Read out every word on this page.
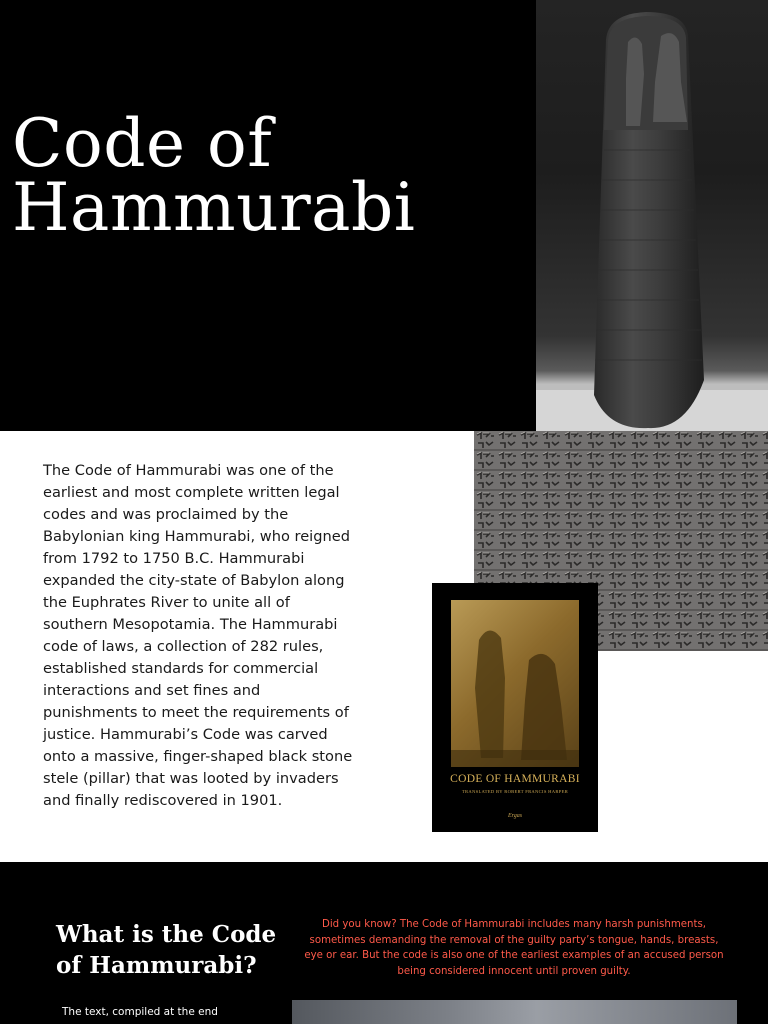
Code of
Hammurabi

The Code of Hammurabi was one of the earliest and most complete written legal codes and was proclaimed by the Babylonian king Hammurabi, who reigned from 1792 to 1750 B.C. Hammurabi expanded the city-state of Babylon along the Euphrates River to unite all of southern Mesopotamia. The Hammurabi code of laws, a collection of 282 rules, established standards for commercial interactions and set fines and punishments to meet the requirements of justice. Hammurabi’s Code was carved onto a massive, finger-shaped black stone stele (pillar) that was looted by invaders and finally rediscovered in 1901.

CODE OF HAMMURABI
TRANSLATED BY ROBERT FRANCIS HARPER
Ergas
What is the Code of Hammurabi?

Did you know? The Code of Hammurabi includes many harsh punishments, sometimes demanding the removal of the guilty party’s tongue, hands, breasts, eye or ear. But the code is also one of the earliest examples of an accused person being considered innocent until proven guilty.

The text, compiled at the end
